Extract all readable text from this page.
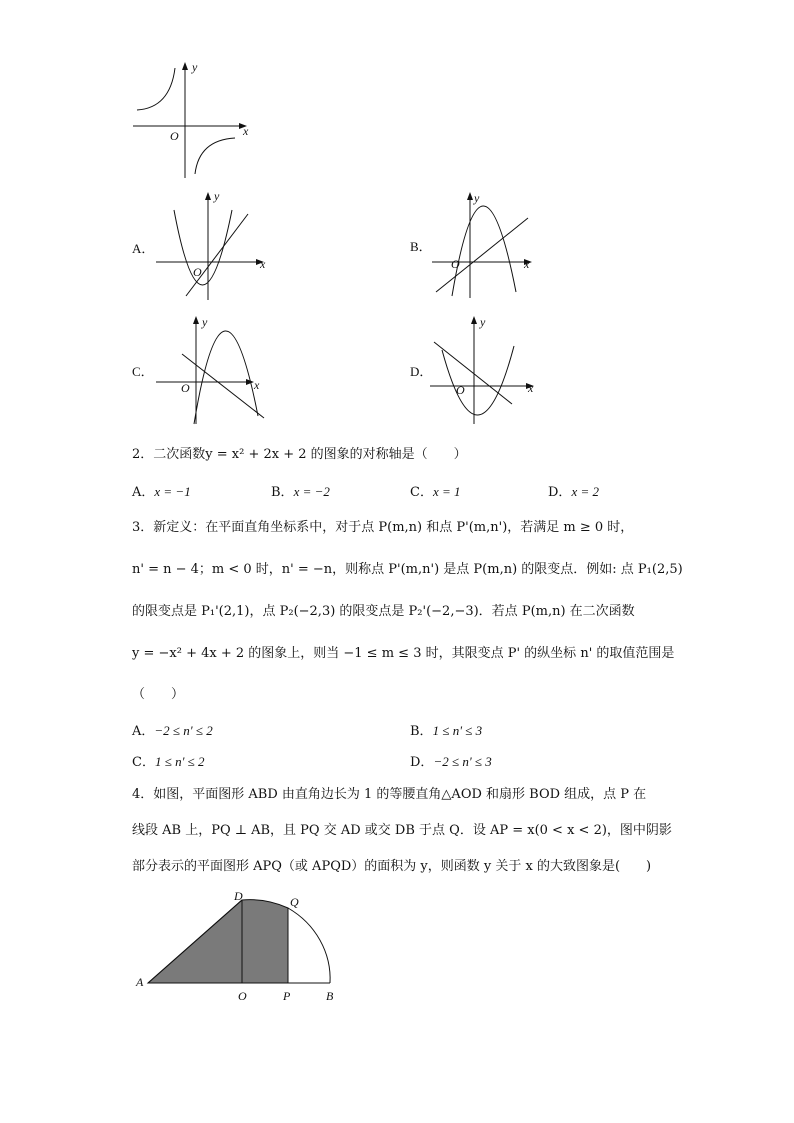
y
x
O
A．
y
x
O
B．
y
x
O
C．
y
x
O
D．
y
x
O
2．二次函数y = x² + 2x + 2 的图象的对称轴是（　　）
A．x = −1	B．x = −2	C．x = 1	D．x = 2
3．新定义：在平面直角坐标系中，对于点 P(m,n) 和点 P'(m,n')，若满足 m ≥ 0 时，
n' = n − 4；m < 0 时，n' = −n，则称点 P'(m,n') 是点 P(m,n) 的限变点．例如: 点 P₁(2,5)
的限变点是 P₁'(2,1)，点 P₂(−2,3) 的限变点是 P₂'(−2,−3)．若点 P(m,n) 在二次函数
y = −x² + 4x + 2 的图象上，则当 −1 ≤ m ≤ 3 时，其限变点 P' 的纵坐标 n' 的取值范围是
（　　）
A．−2 ≤ n' ≤ 2	B．1 ≤ n' ≤ 3
C．1 ≤ n' ≤ 2	D．−2 ≤ n' ≤ 3
4．如图，平面图形 ABD 由直角边长为 1 的等腰直角△AOD 和扇形 BOD 组成，点 P 在
线段 AB 上，PQ ⊥ AB，且 PQ 交 AD 或交 DB 于点 Q．设 AP = x(0 < x < 2)，图中阴影
部分表示的平面图形 APQ（或 APQD）的面积为 y，则函数 y 关于 x 的大致图象是(　　)
A
D	Q
O	P	B
